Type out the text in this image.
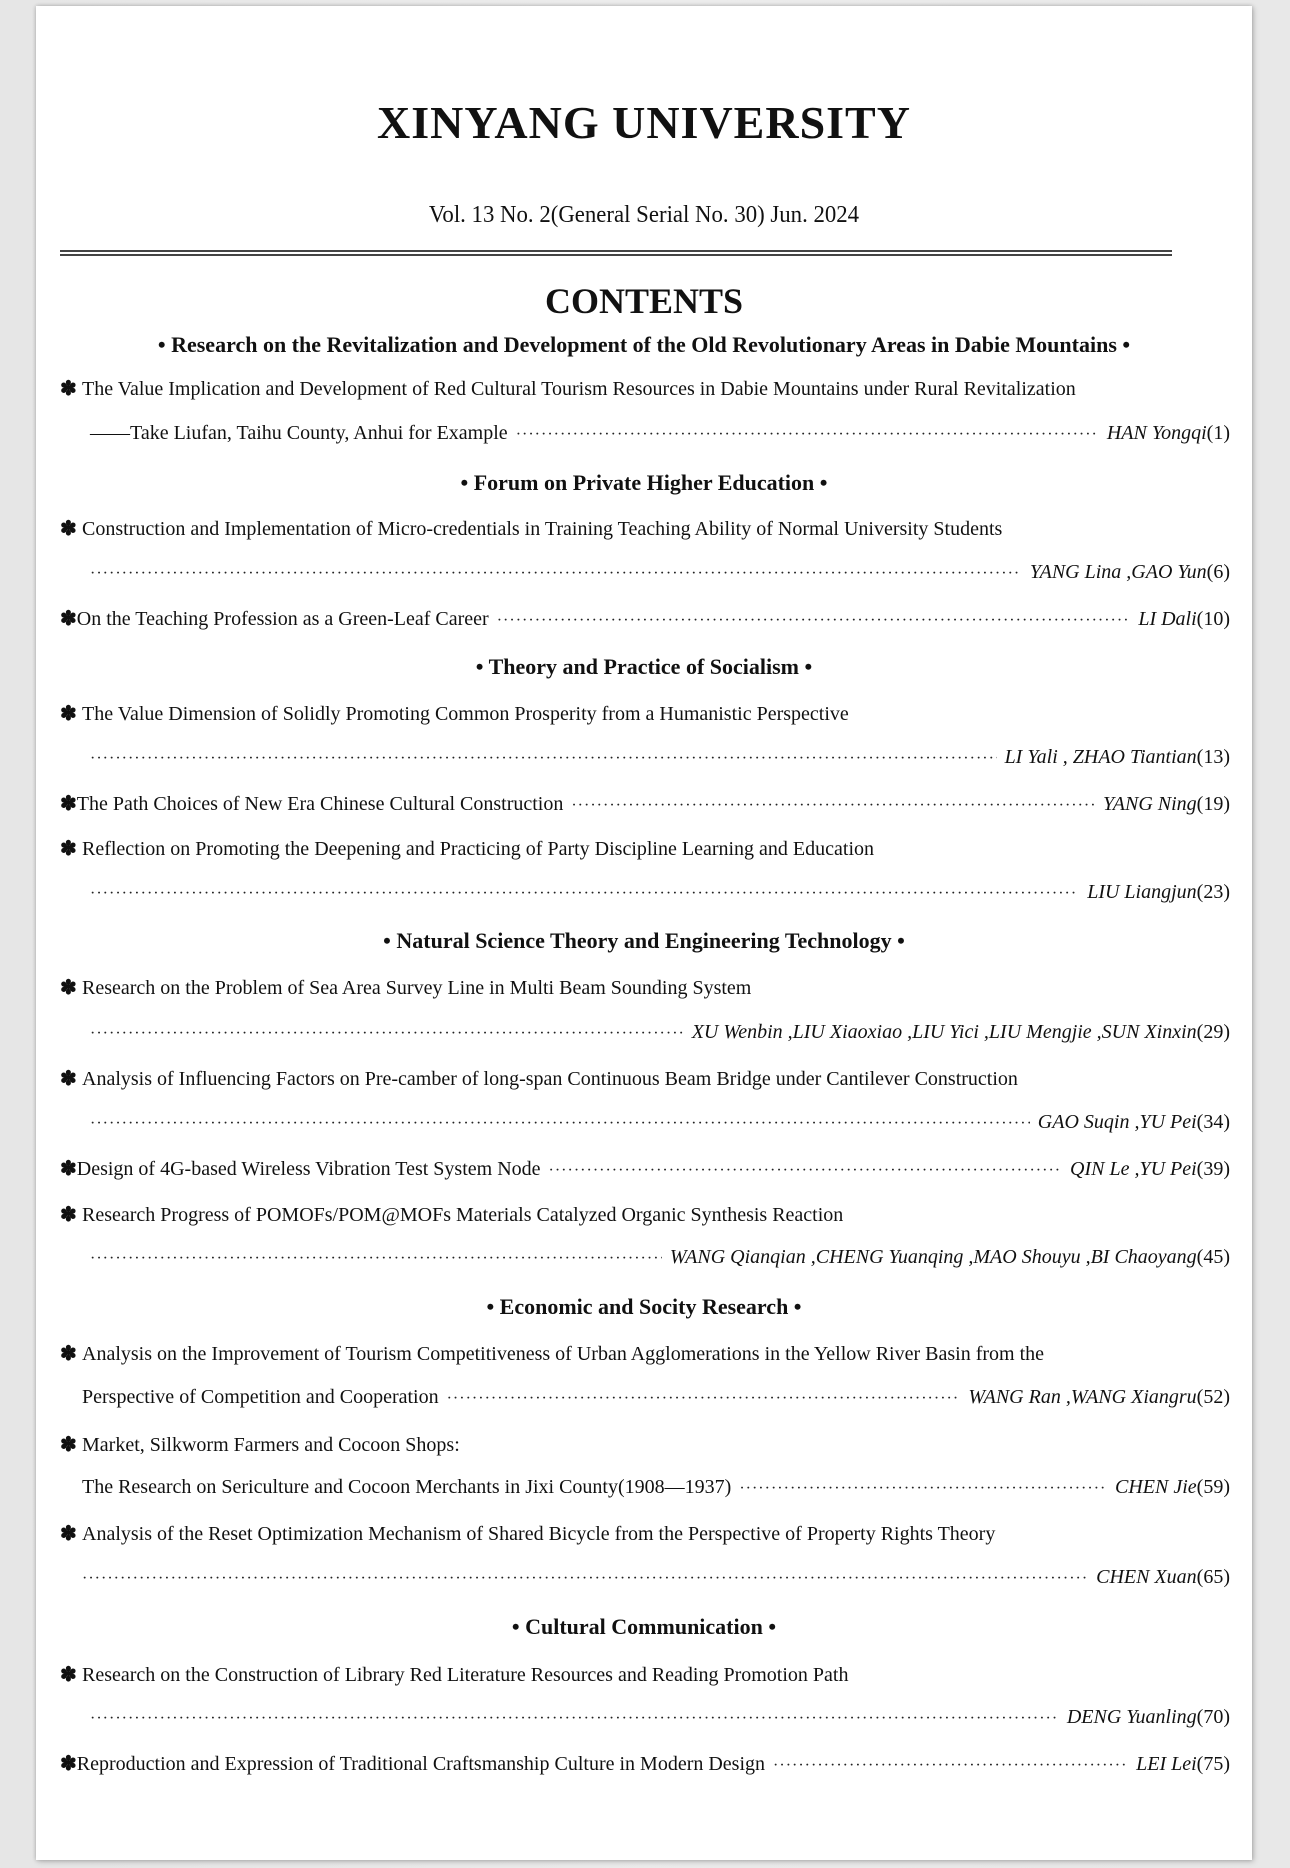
XINYANG UNIVERSITY
Vol. 13 No. 2(General Serial No. 30) Jun. 2024
CONTENTS
• Research on the Revitalization and Development of the Old Revolutionary Areas in Dabie Mountains •
✽ The Value Implication and Development of Red Cultural Tourism Resources in Dabie Mountains under Rural Revitalization
——Take Liufan, Taihu County, Anhui for Example ·····	HAN Yongqi (1)
• Forum on Private Higher Education •
✽ Construction and Implementation of Micro-credentials in Training Teaching Ability of Normal University Students
·····
YANG Lina ,GAO Yun (6)
✽ On the Teaching Profession as a Green-Leaf Career ·····	LI Dali (10)
• Theory and Practice of Socialism •
✽ The Value Dimension of Solidly Promoting Common Prosperity from a Humanistic Perspective
·····
LI Yali , ZHAO Tiantian (13)
✽ The Path Choices of New Era Chinese Cultural Construction ·····	YANG Ning (19)
✽ Reflection on Promoting the Deepening and Practicing of Party Discipline Learning and Education
·····
LIU Liangjun (23)
• Natural Science Theory and Engineering Technology •
✽ Research on the Problem of Sea Area Survey Line in Multi Beam Sounding System
·····
XU Wenbin ,LIU Xiaoxiao ,LIU Yici ,LIU Mengjie ,SUN Xinxin (29)
✽ Analysis of Influencing Factors on Pre-camber of long-span Continuous Beam Bridge under Cantilever Construction
·····
GAO Suqin ,YU Pei (34)
✽ Design of 4G-based Wireless Vibration Test System Node ·····	QIN Le ,YU Pei (39)
✽ Research Progress of POMOFs/POM@MOFs Materials Catalyzed Organic Synthesis Reaction
·····
WANG Qianqian ,CHENG Yuanqing ,MAO Shouyu ,BI Chaoyang (45)
• Economic and Socity Research •
✽ Analysis on the Improvement of Tourism Competitiveness of Urban Agglomerations in the Yellow River Basin from the
Perspective of Competition and Cooperation ·····	WANG Ran ,WANG Xiangru (52)
✽ Market, Silkworm Farmers and Cocoon Shops:
The Research on Sericulture and Cocoon Merchants in Jixi County(1908—1937) ·····	CHEN Jie (59)
✽ Analysis of the Reset Optimization Mechanism of Shared Bicycle from the Perspective of Property Rights Theory
·····
CHEN Xuan (65)
• Cultural Communication •
✽ Research on the Construction of Library Red Literature Resources and Reading Promotion Path
·····
DENG Yuanling (70)
✽ Reproduction and Expression of Traditional Craftsmanship Culture in Modern Design ·····	LEI Lei (75)
